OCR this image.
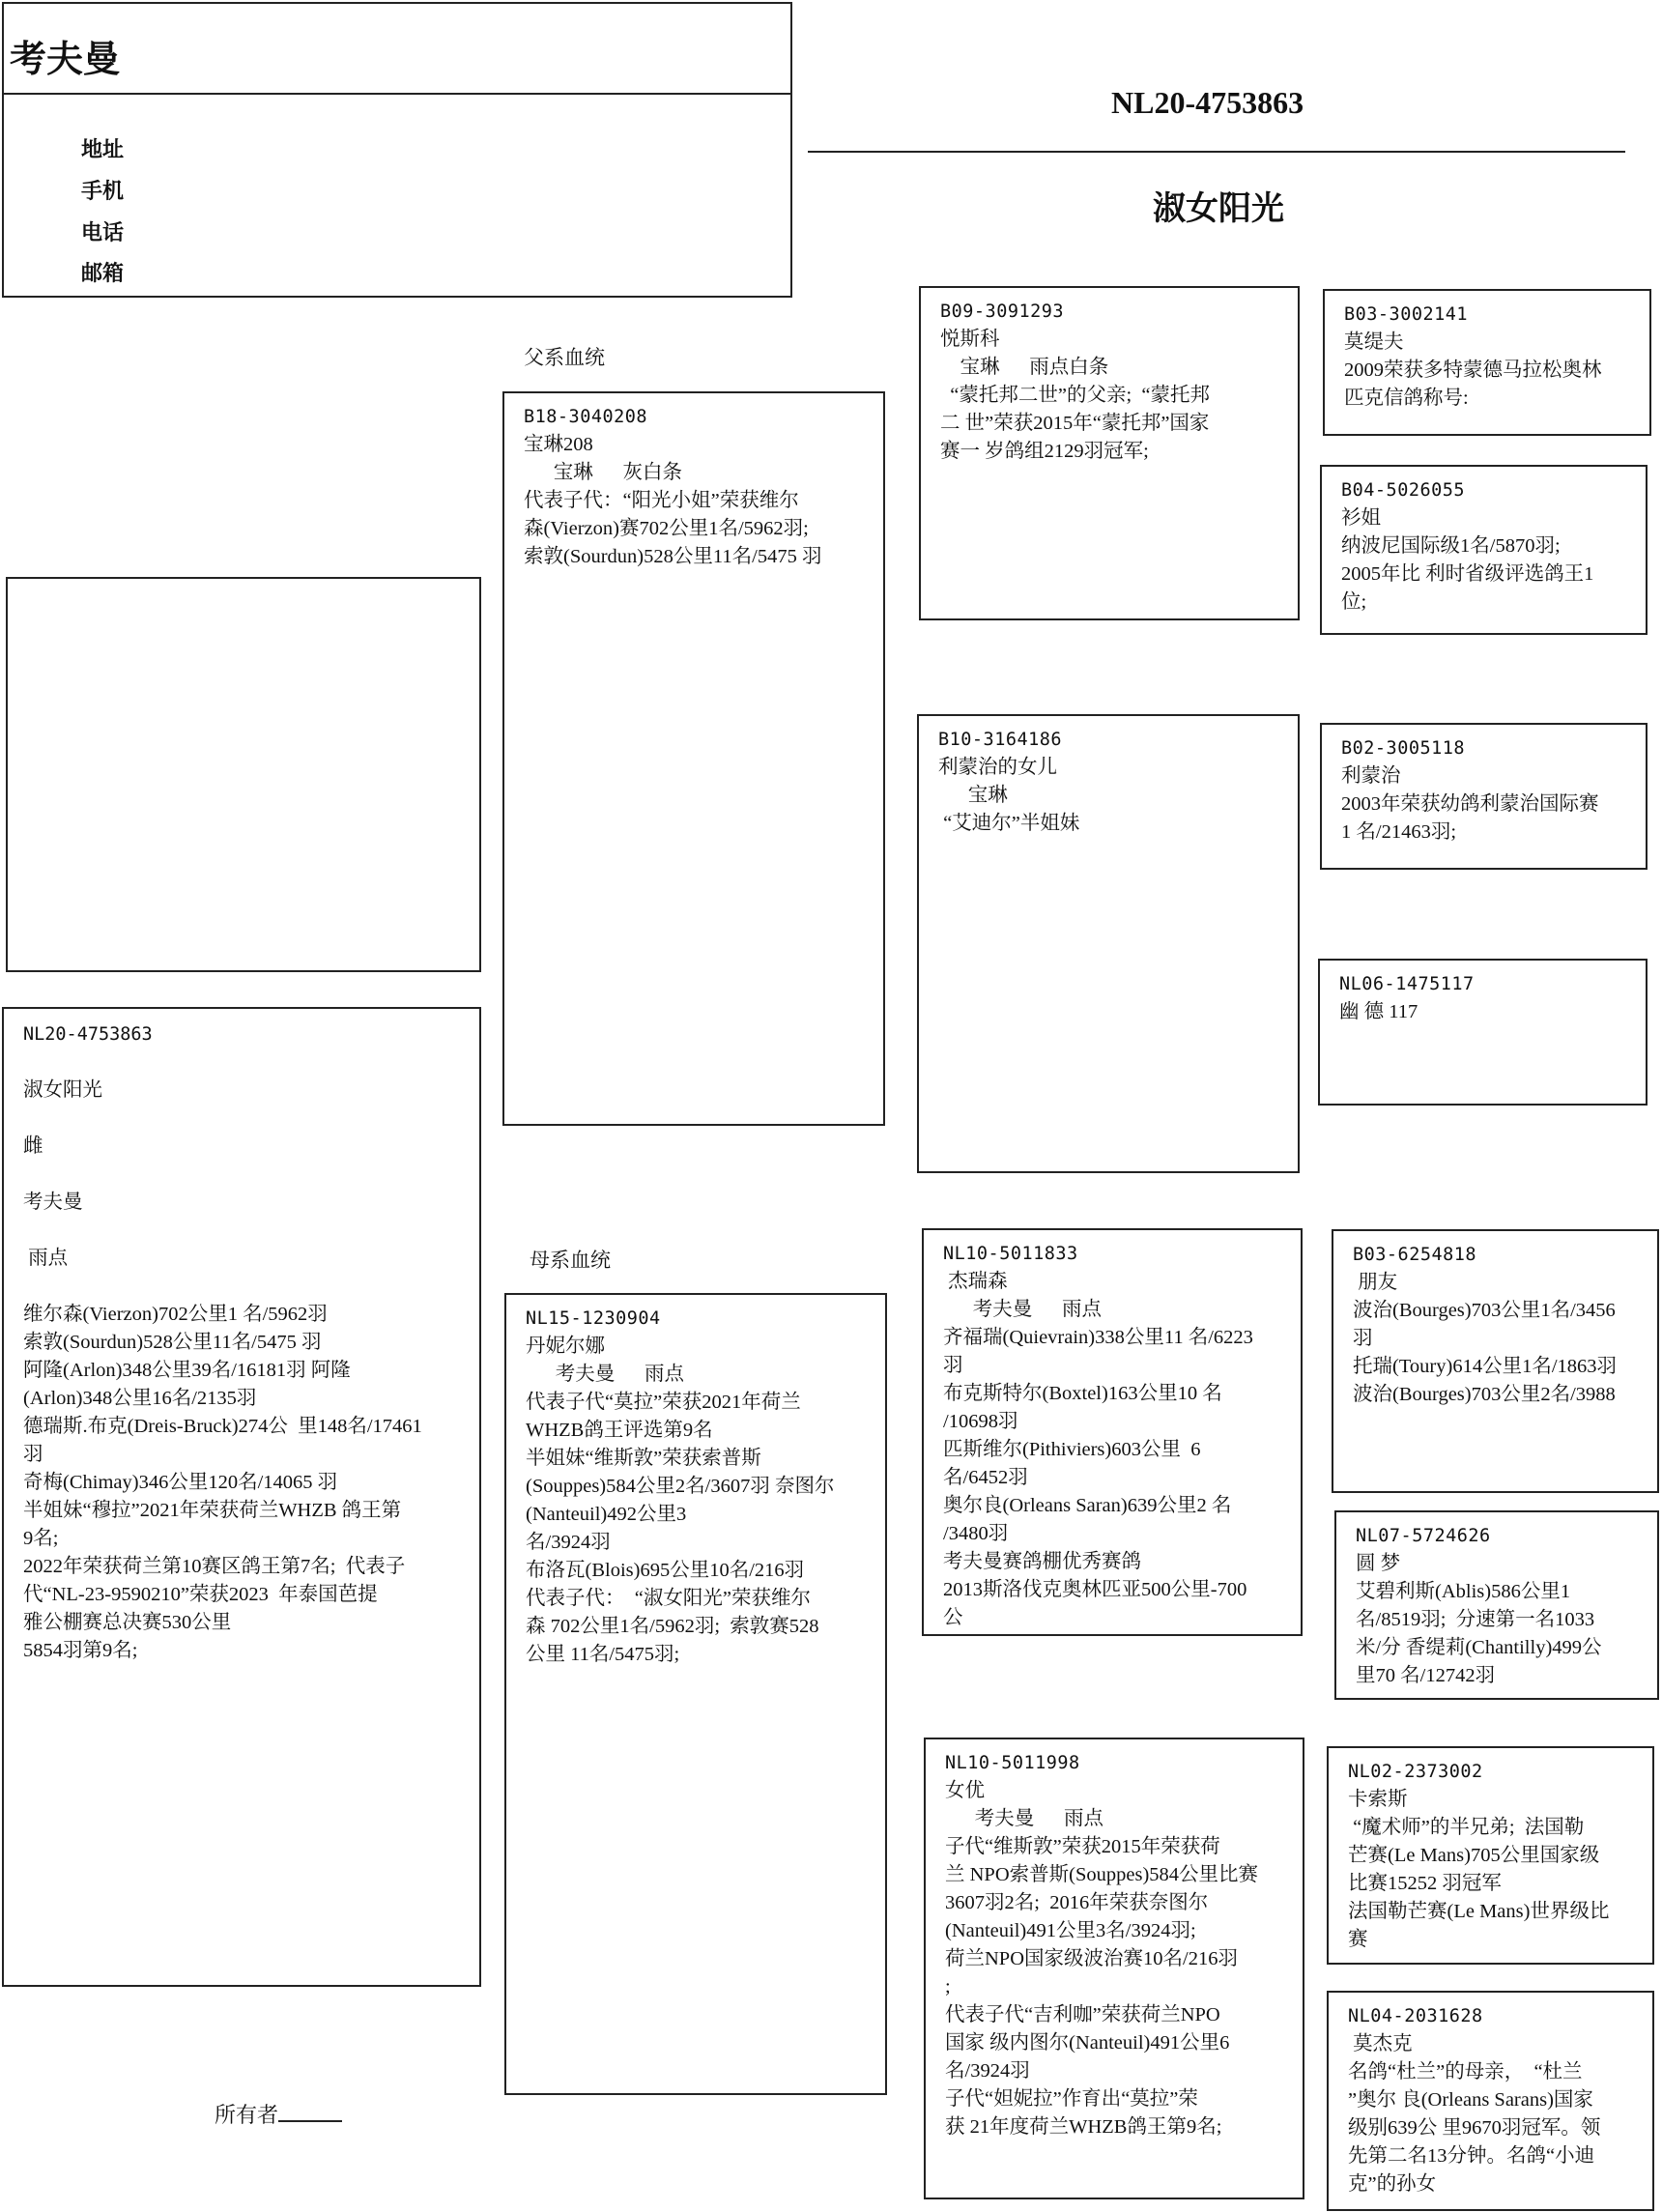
考夫曼
地址
手机
电话
邮箱
NL20-4753863
淑女阳光
NL20-4753863
淑女阳光
雌
考夫曼
雨点
维尔森(Vierzon)702公里1 名/5962羽
索敦(Sourdun)528公里11名/5475 羽
阿隆(Arlon)348公里39名/16181羽 阿隆
(Arlon)348公里16名/2135羽
德瑞斯.布克(Dreis-Bruck)274公  里148名/17461
羽
奇梅(Chimay)346公里120名/14065 羽
半姐妹“穆拉”2021年荣获荷兰WHZB 鸽王第
9名;
2022年荣获荷兰第10赛区鸽王第7名;  代表子
代“NL-23-9590210”荣获2023  年泰国芭提
雅公棚赛总决赛530公里
5854羽第9名;
父系血统
母系血统
B18-3040208
宝琳208
宝琳      灰白条
代表子代：“阳光小姐”荣获维尔
森(Vierzon)赛702公里1名/5962羽;
索敦(Sourdun)528公里11名/5475 羽
NL15-1230904
丹妮尔娜
考夫曼      雨点
代表子代“莫拉”荣获2021年荷兰
WHZB鸽王评选第9名
半姐妹“维斯敦”荣获索普斯
(Souppes)584公里2名/3607羽 奈图尔
(Nanteuil)492公里3
名/3924羽
布洛瓦(Blois)695公里10名/216羽
代表子代：  “淑女阳光”荣获维尔
森 702公里1名/5962羽;  索敦赛528
公里 11名/5475羽;
B09-3091293
悦斯科
宝琳      雨点白条
“蒙托邦二世”的父亲;  “蒙托邦
二 世”荣获2015年“蒙托邦”国家
赛一 岁鸽组2129羽冠军;
B10-3164186
利蒙治的女儿
宝琳
“艾迪尔”半姐妹
NL10-5011833
杰瑞森
考夫曼      雨点
齐福瑞(Quievrain)338公里11 名/6223
羽
布克斯特尔(Boxtel)163公里10 名
/10698羽
匹斯维尔(Pithiviers)603公里  6
名/6452羽
奥尔良(Orleans Saran)639公里2 名
/3480羽
考夫曼赛鸽棚优秀赛鸽
2013斯洛伐克奥林匹亚500公里-700
公
NL10-5011998
女优
考夫曼      雨点
子代“维斯敦”荣获2015年荣获荷
兰 NPO索普斯(Souppes)584公里比赛
3607羽2名;  2016年荣获奈图尔
(Nanteuil)491公里3名/3924羽;
荷兰NPO国家级波治赛10名/216羽
;
代表子代“吉利咖”荣获荷兰NPO
国家 级内图尔(Nanteuil)491公里6
名/3924羽
子代“妲妮拉”作育出“莫拉”荣
获 21年度荷兰WHZB鸽王第9名;
B03-3002141
莫缇夫
2009荣获多特蒙德马拉松奥林
匹克信鸽称号:
B04-5026055
衫姐
纳波尼国际级1名/5870羽;
2005年比 利时省级评选鸽王1
位;
B02-3005118
利蒙治
2003年荣获幼鸽利蒙治国际赛
1 名/21463羽;
NL06-1475117
幽 德 117
B03-6254818
朋友
波治(Bourges)703公里1名/3456
羽
托瑞(Toury)614公里1名/1863羽
波治(Bourges)703公里2名/3988
NL07-5724626
圆 梦
艾碧利斯(Ablis)586公里1
名/8519羽;  分速第一名1033
米/分 香缇莉(Chantilly)499公
里70 名/12742羽
NL02-2373002
卡索斯
“魔术师”的半兄弟;  法国勒
芒赛(Le Mans)705公里国家级
比赛15252 羽冠军
法国勒芒赛(Le Mans)世界级比
赛
NL04-2031628
莫杰克
名鸽“杜兰”的母亲，  “杜兰
”奥尔 良(Orleans Sarans)国家
级别639公 里9670羽冠军。领
先第二名13分钟。名鸽“小迪
克”的孙女
所有者
